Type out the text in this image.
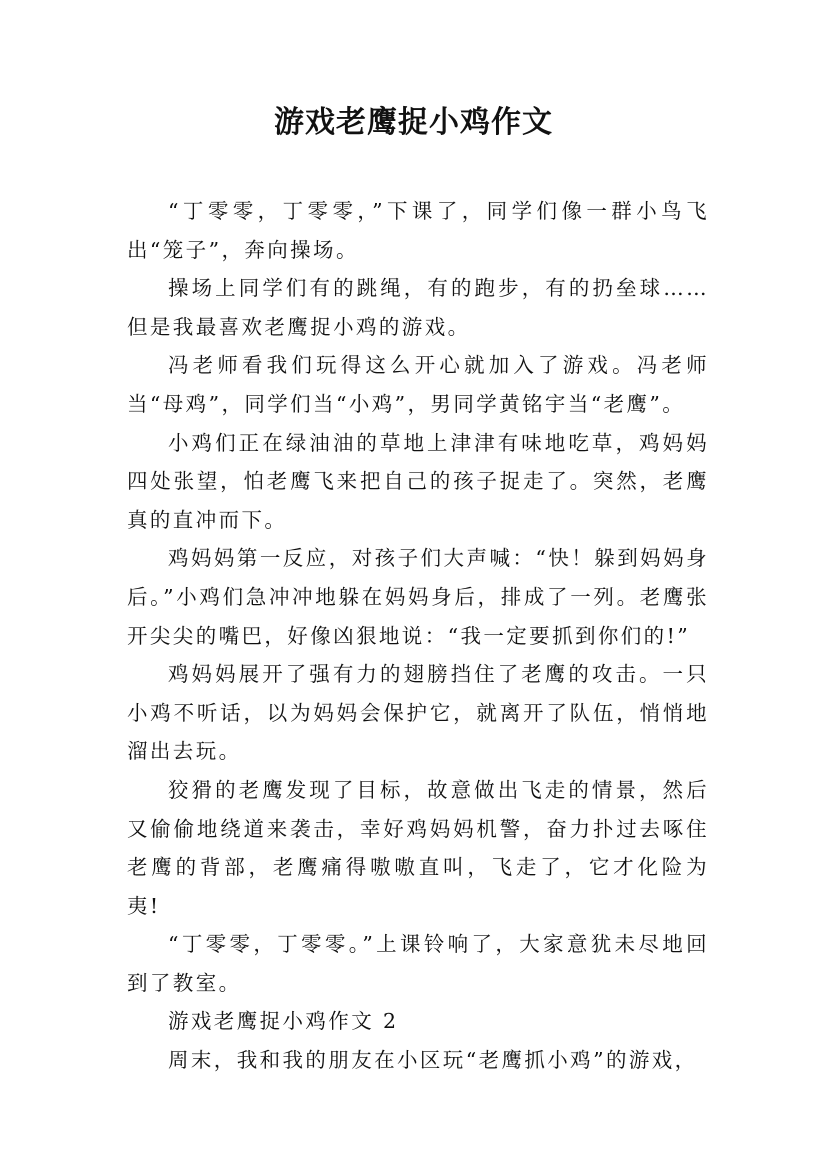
游戏老鹰捉小鸡作文

“丁零零，丁零零，”下课了，同学们像一群小鸟飞出“笼子”，奔向操场。

操场上同学们有的跳绳，有的跑步，有的扔垒球……但是我最喜欢老鹰捉小鸡的游戏。

冯老师看我们玩得这么开心就加入了游戏。冯老师当“母鸡”，同学们当“小鸡”，男同学黄铭宇当“老鹰”。

小鸡们正在绿油油的草地上津津有味地吃草，鸡妈妈四处张望，怕老鹰飞来把自己的孩子捉走了。突然，老鹰真的直冲而下。

鸡妈妈第一反应，对孩子们大声喊：“快！躲到妈妈身后。”小鸡们急冲冲地躲在妈妈身后，排成了一列。老鹰张开尖尖的嘴巴，好像凶狠地说：“我一定要抓到你们的!”

鸡妈妈展开了强有力的翅膀挡住了老鹰的攻击。一只小鸡不听话，以为妈妈会保护它，就离开了队伍，悄悄地溜出去玩。

狡猾的老鹰发现了目标，故意做出飞走的情景，然后又偷偷地绕道来袭击，幸好鸡妈妈机警，奋力扑过去啄住老鹰的背部，老鹰痛得嗷嗷直叫，飞走了，它才化险为夷!

“丁零零，丁零零。”上课铃响了，大家意犹未尽地回到了教室。

游戏老鹰捉小鸡作文 2

周末，我和我的朋友在小区玩“老鹰抓小鸡”的游戏，
